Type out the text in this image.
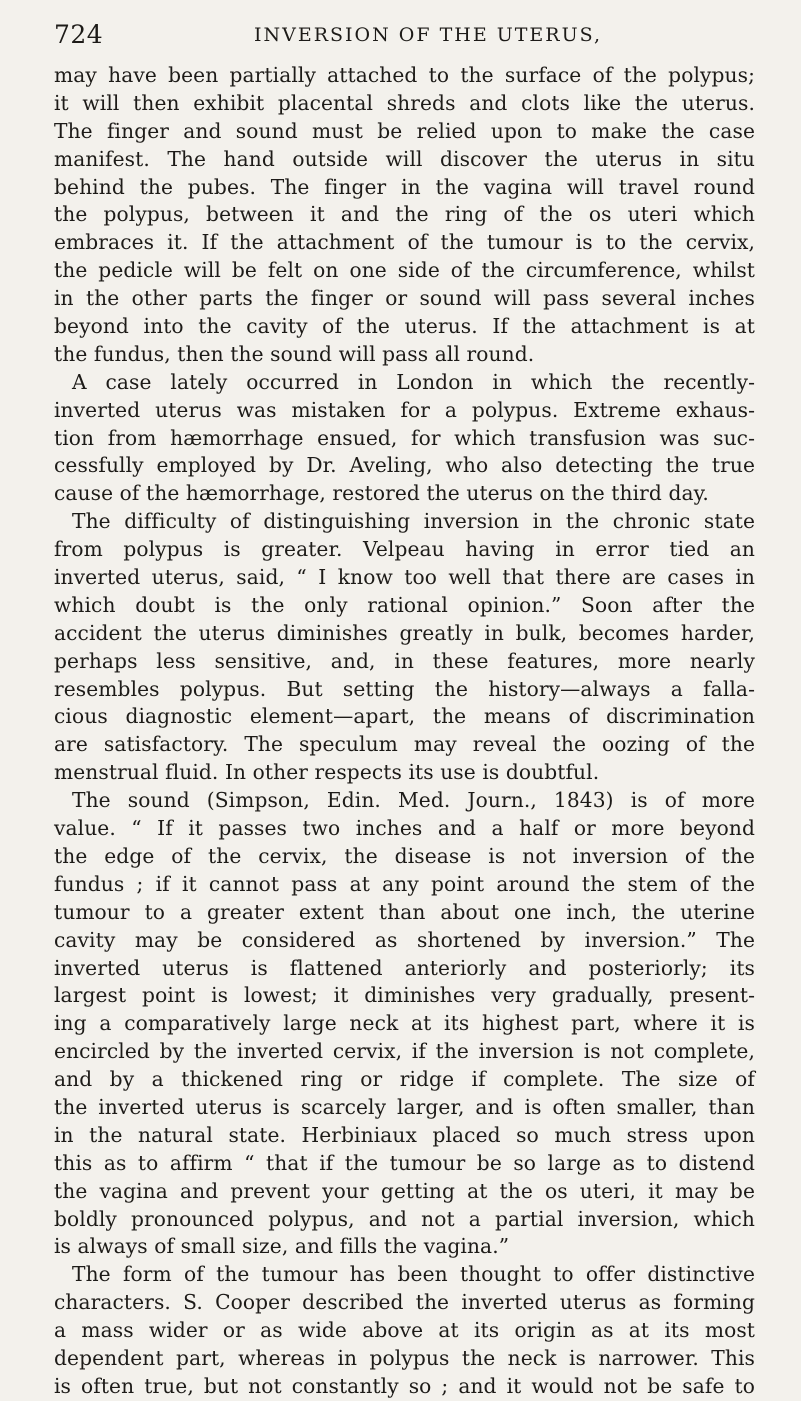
724	INVERSION OF THE UTERUS,
may have been partially attached to the surface of the polypus;
it will then exhibit placental shreds and clots like the uterus.
The finger and sound must be relied upon to make the case
manifest. The hand outside will discover the uterus in situ
behind the pubes. The finger in the vagina will travel round
the polypus, between it and the ring of the os uteri which
embraces it. If the attachment of the tumour is to the cervix,
the pedicle will be felt on one side of the circumference, whilst
in the other parts the finger or sound will pass several inches
beyond into the cavity of the uterus. If the attachment is at
the fundus, then the sound will pass all round.
A case lately occurred in London in which the recently-
inverted uterus was mistaken for a polypus. Extreme exhaus-
tion from hæmorrhage ensued, for which transfusion was suc-
cessfully employed by Dr. Aveling, who also detecting the true
cause of the hæmorrhage, restored the uterus on the third day.
The difficulty of distinguishing inversion in the chronic state
from polypus is greater. Velpeau having in error tied an
inverted uterus, said, “ I know too well that there are cases in
which doubt is the only rational opinion.” Soon after the
accident the uterus diminishes greatly in bulk, becomes harder,
perhaps less sensitive, and, in these features, more nearly
resembles polypus. But setting the history—always a falla-
cious diagnostic element—apart, the means of discrimination
are satisfactory. The speculum may reveal the oozing of the
menstrual fluid. In other respects its use is doubtful.
The sound (Simpson, Edin. Med. Journ., 1843) is of more
value. “ If it passes two inches and a half or more beyond
the edge of the cervix, the disease is not inversion of the
fundus ; if it cannot pass at any point around the stem of the
tumour to a greater extent than about one inch, the uterine
cavity may be considered as shortened by inversion.” The
inverted uterus is flattened anteriorly and posteriorly; its
largest point is lowest; it diminishes very gradually, present-
ing a comparatively large neck at its highest part, where it is
encircled by the inverted cervix, if the inversion is not complete,
and by a thickened ring or ridge if complete. The size of
the inverted uterus is scarcely larger, and is often smaller, than
in the natural state. Herbiniaux placed so much stress upon
this as to affirm “ that if the tumour be so large as to distend
the vagina and prevent your getting at the os uteri, it may be
boldly pronounced polypus, and not a partial inversion, which
is always of small size, and fills the vagina.”
The form of the tumour has been thought to offer distinctive
characters. S. Cooper described the inverted uterus as forming
a mass wider or as wide above at its origin as at its most
dependent part, whereas in polypus the neck is narrower. This
is often true, but not constantly so ; and it would not be safe to
